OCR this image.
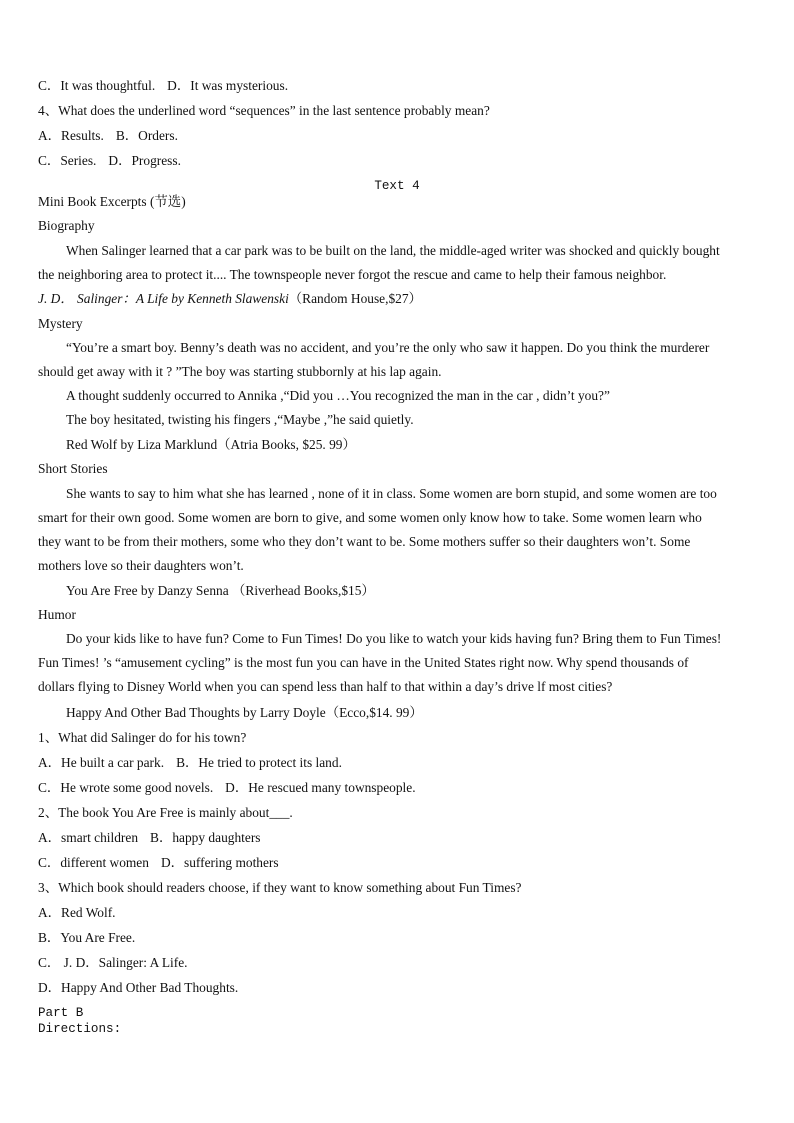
C．It was thoughtful. D．It was mysterious.
4、What does the underlined word “sequences” in the last sentence probably mean?
A．Results. B．Orders.
C．Series. D．Progress.
Text 4
Mini Book Excerpts (节选)
Biography
When Salinger learned that a car park was to be built on the land, the middle-aged writer was shocked and quickly bought
the neighboring area to protect it.... The townspeople never forgot the rescue and came to help their famous neighbor.
J. D． Salinger：A Life by Kenneth Slawenski（Random House,$27）
Mystery
“You’re a smart boy. Benny’s death was no accident, and you’re the only who saw it happen. Do you think the murderer
should get away with it ? ”The boy was starting stubbornly at his lap again.
A thought suddenly occurred to Annika ,“Did you …You recognized the man in the car , didn’t you?”
The boy hesitated, twisting his fingers ,“Maybe ,”he said quietly.
Red Wolf by Liza Marklund（Atria Books, $25. 99）
Short Stories
She wants to say to him what she has learned , none of it in class. Some women are born stupid, and some women are too
smart for their own good. Some women are born to give, and some women only know how to take. Some women learn who
they want to be from their mothers, some who they don’t want to be. Some mothers suffer so their daughters won’t. Some
mothers love so their daughters won’t.
You Are Free by Danzy Senna （Riverhead Books,$15）
Humor
Do your kids like to have fun? Come to Fun Times! Do you like to watch your kids having fun? Bring them to Fun Times!
Fun Times! ’s “amusement cycling” is the most fun you can have in the United States right now. Why spend thousands of
dollars flying to Disney World when you can spend less than half to that within a day’s drive lf most cities?
Happy And Other Bad Thoughts by Larry Doyle（Ecco,$14. 99）
1、What did Salinger do for his town?
A．He built a car park. B．He tried to protect its land.
C．He wrote some good novels. D．He rescued many townspeople.
2、The book You Are Free is mainly about___.
A．smart children B．happy daughters
C．different women D．suffering mothers
3、Which book should readers choose, if they want to know something about Fun Times?
A．Red Wolf.
B．You Are Free.
C． J. D．Salinger: A Life.
D．Happy And Other Bad Thoughts.
Part B
Directions:
